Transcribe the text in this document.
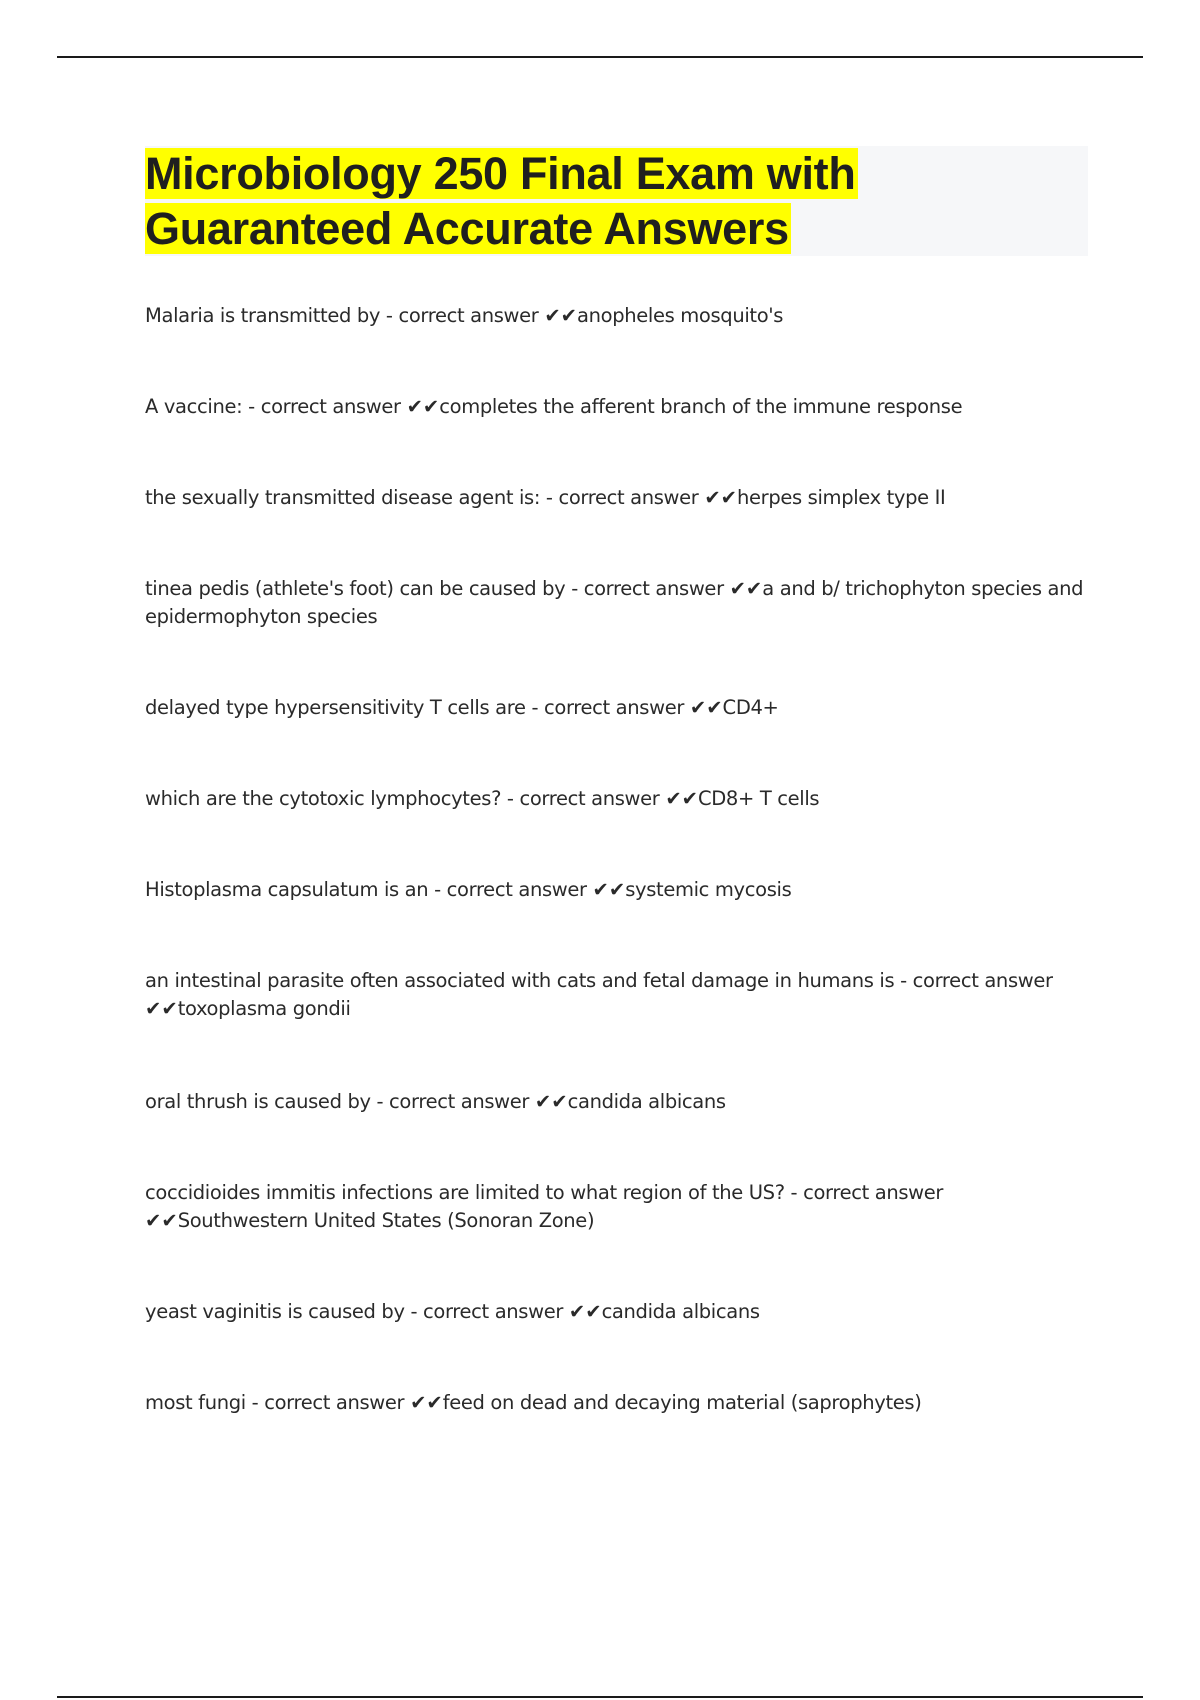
Microbiology 250 Final Exam with
Guaranteed Accurate Answers
Malaria is transmitted by - correct answer ✔✔anopheles mosquito's
A vaccine: - correct answer ✔✔completes the afferent branch of the immune response
the sexually transmitted disease agent is: - correct answer ✔✔herpes simplex type II
tinea pedis (athlete's foot) can be caused by - correct answer ✔✔a and b/ trichophyton species and epidermophyton species
delayed type hypersensitivity T cells are - correct answer ✔✔CD4+
which are the cytotoxic lymphocytes? - correct answer ✔✔CD8+ T cells
Histoplasma capsulatum is an - correct answer ✔✔systemic mycosis
an intestinal parasite often associated with cats and fetal damage in humans is - correct answer ✔✔toxoplasma gondii
oral thrush is caused by - correct answer ✔✔candida albicans
coccidioides immitis infections are limited to what region of the US? - correct answer ✔✔Southwestern United States (Sonoran Zone)
yeast vaginitis is caused by - correct answer ✔✔candida albicans
most fungi - correct answer ✔✔feed on dead and decaying material (saprophytes)
